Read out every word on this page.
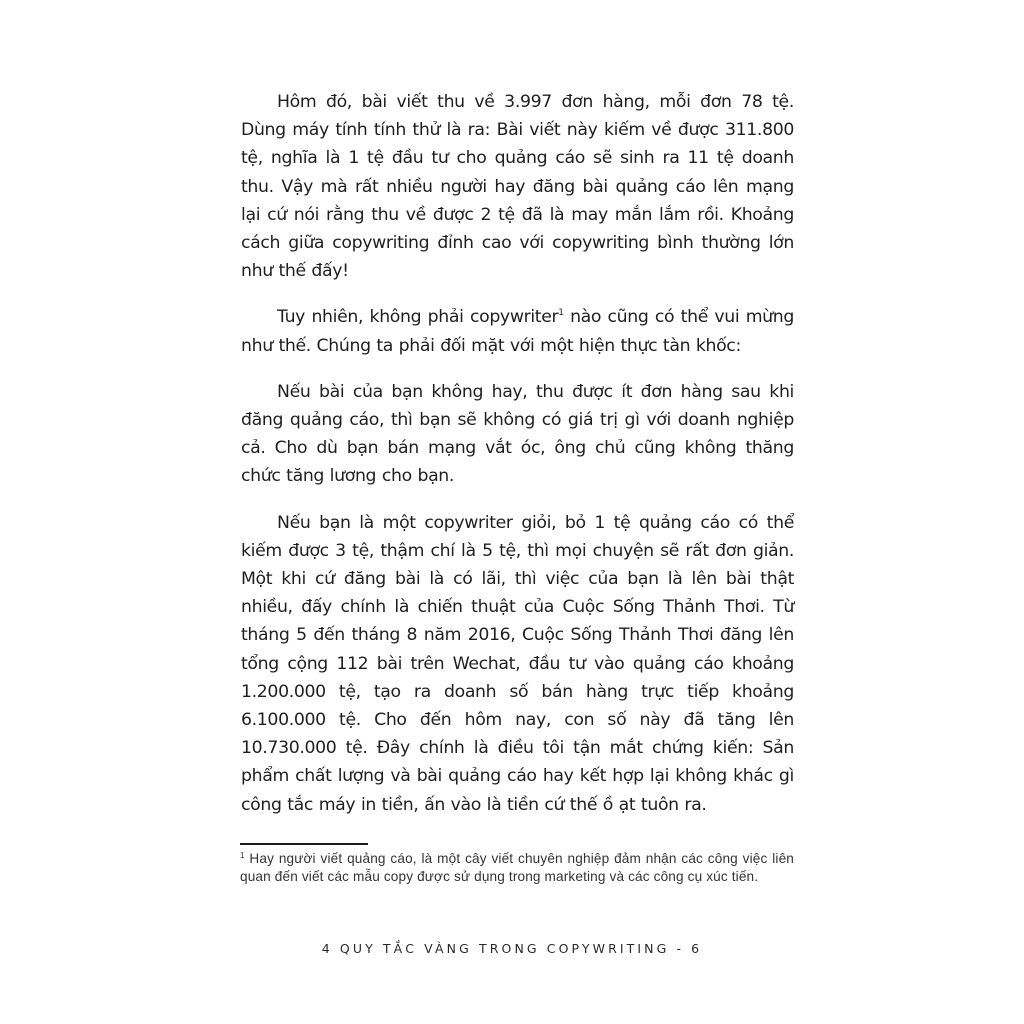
Hôm đó, bài viết thu về 3.997 đơn hàng, mỗi đơn 78 tệ. Dùng máy tính tính thử là ra: Bài viết này kiếm về được 311.800 tệ, nghĩa là 1 tệ đầu tư cho quảng cáo sẽ sinh ra 11 tệ doanh thu. Vậy mà rất nhiều người hay đăng bài quảng cáo lên mạng lại cứ nói rằng thu về được 2 tệ đã là may mắn lắm rồi. Khoảng cách giữa copywriting đỉnh cao với copywriting bình thường lớn như thế đấy!

Tuy nhiên, không phải copywriter$^1$ nào cũng có thể vui mừng như thế. Chúng ta phải đối mặt với một hiện thực tàn khốc:

Nếu bài của bạn không hay, thu được ít đơn hàng sau khi đăng quảng cáo, thì bạn sẽ không có giá trị gì với doanh nghiệp cả. Cho dù bạn bán mạng vắt óc, ông chủ cũng không thăng chức tăng lương cho bạn.

Nếu bạn là một copywriter giỏi, bỏ 1 tệ quảng cáo có thể kiếm được 3 tệ, thậm chí là 5 tệ, thì mọi chuyện sẽ rất đơn giản. Một khi cứ đăng bài là có lãi, thì việc của bạn là lên bài thật nhiều, đấy chính là chiến thuật của Cuộc Sống Thảnh Thơi. Từ tháng 5 đến tháng 8 năm 2016, Cuộc Sống Thảnh Thơi đăng lên tổng cộng 112 bài trên Wechat, đầu tư vào quảng cáo khoảng 1.200.000 tệ, tạo ra doanh số bán hàng trực tiếp khoảng 6.100.000 tệ. Cho đến hôm nay, con số này đã tăng lên 10.730.000 tệ. Đây chính là điều tôi tận mắt chứng kiến: Sản phẩm chất lượng và bài quảng cáo hay kết hợp lại không khác gì công tắc máy in tiền, ấn vào là tiền cứ thế ồ ạt tuôn ra.

$^1$ Hay người viết quảng cáo, là một cây viết chuyên nghiệp đảm nhận các công việc liên quan đến viết các mẫu copy được sử dụng trong marketing và các công cụ xúc tiến.

4 QUY TẮC VÀNG TRONG COPYWRITING - 6
